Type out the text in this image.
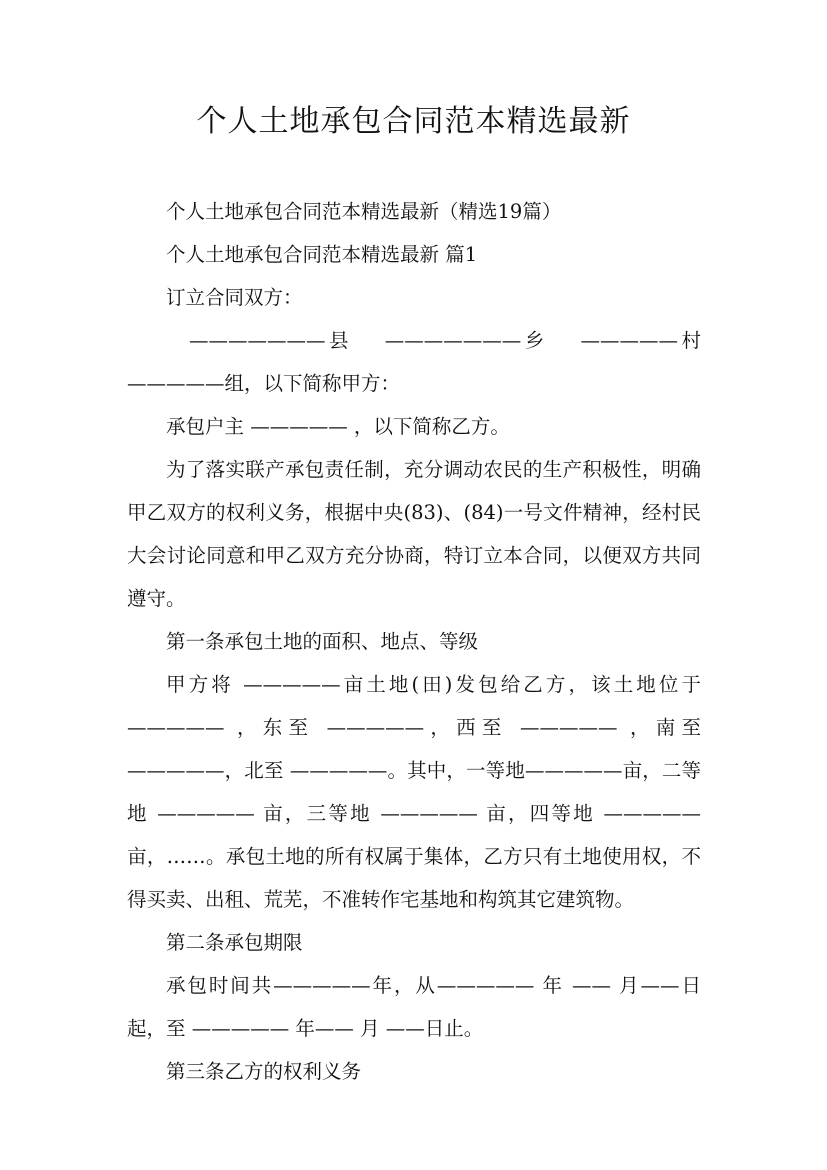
个人土地承包合同范本精选最新

个人土地承包合同范本精选最新（精选19篇）

个人土地承包合同范本精选最新 篇1

订立合同双方：

　———————县　 ———————乡　 —————村—————组，以下简称甲方：

承包户主 ————— ，以下简称乙方。

为了落实联产承包责任制，充分调动农民的生产积极性，明确甲乙双方的权利义务，根据中央(83)、(84)一号文件精神，经村民大会讨论同意和甲乙双方充分协商，特订立本合同，以便双方共同遵守。

第一条承包土地的面积、地点、等级

甲方将 —————亩土地(田)发包给乙方，该土地位于————— ，东至 —————，西至 ————— ，南至—————，北至 —————。其中，一等地—————亩，二等地 ————— 亩，三等地 ————— 亩，四等地 —————亩，……。承包土地的所有权属于集体，乙方只有土地使用权，不得买卖、出租、荒芜，不准转作宅基地和构筑其它建筑物。

第二条承包期限

承包时间共—————年，从————— 年 —— 月——日起，至 ————— 年—— 月 ——日止。

第三条乙方的权利义务
